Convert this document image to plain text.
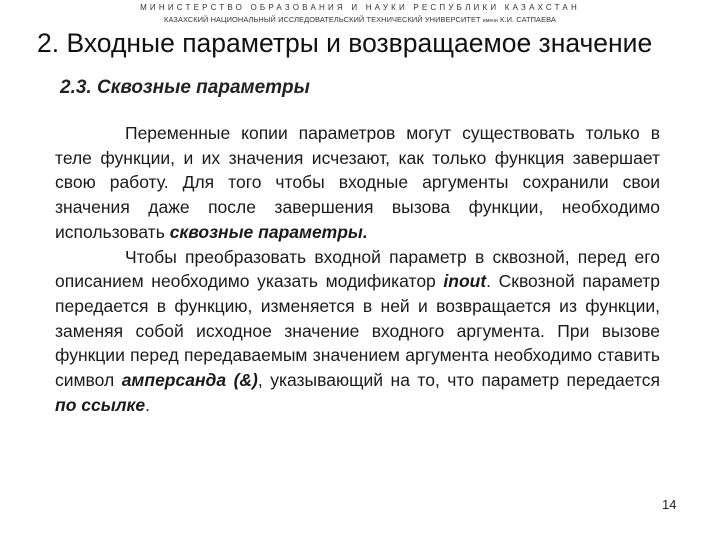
МИНИСТЕРСТВО ОБРАЗОВАНИЯ И НАУКИ РЕСПУБЛИКИ КАЗАХСТАН
КАЗАХСКИЙ НАЦИОНАЛЬНЫЙ ИССЛЕДОВАТЕЛЬСКИЙ ТЕХНИЧЕСКИЙ УНИВЕРСИТЕТ имени К.И. САТПАЕВА
2. Входные параметры и возвращаемое значение
2.3. Сквозные параметры

Переменные копии параметров могут существовать только в теле функции, и их значения исчезают, как только функция завершает свою работу. Для того чтобы входные аргументы сохранили свои значения даже после завершения вызова функции, необходимо использовать сквозные параметры.

Чтобы преобразовать входной параметр в сквозной, перед его описанием необходимо указать модификатор inout. Сквозной параметр передается в функцию, изменяется в ней и возвращается из функции, заменяя собой исходное значение входного аргумента. При вызове функции перед передаваемым значением аргумента необходимо ставить символ амперсанда (&), указывающий на то, что параметр передается по ссылке.

14
